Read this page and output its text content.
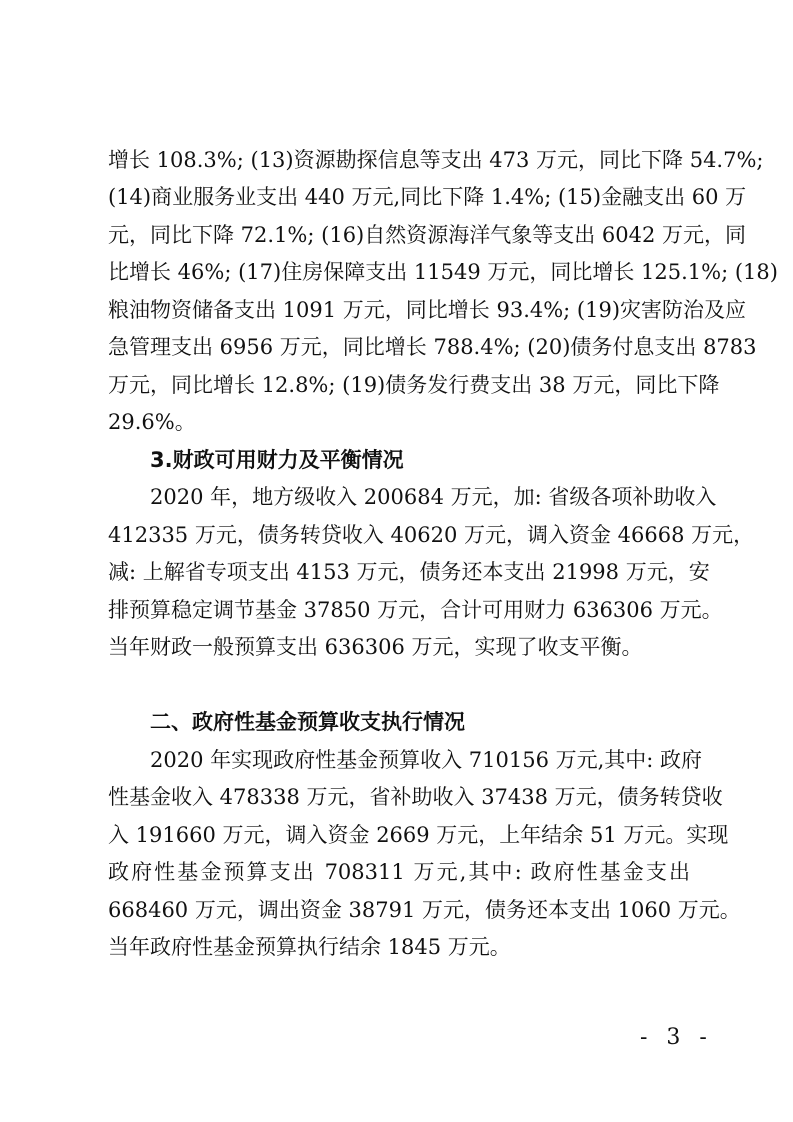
增长 108.3%; (13)资源勘探信息等支出 473 万元，同比下降 54.7%;
(14)商业服务业支出 440 万元,同比下降 1.4%; (15)金融支出 60 万
元，同比下降 72.1%; (16)自然资源海洋气象等支出 6042 万元，同
比增长 46%; (17)住房保障支出 11549 万元，同比增长 125.1%; (18)
粮油物资储备支出 1091 万元，同比增长 93.4%; (19)灾害防治及应
急管理支出 6956 万元，同比增长 788.4%; (20)债务付息支出 8783
万元，同比增长 12.8%; (19)债务发行费支出 38 万元，同比下降
29.6%。
3.财政可用财力及平衡情况
2020 年，地方级收入 200684 万元，加: 省级各项补助收入
412335 万元，债务转贷收入 40620 万元，调入资金 46668 万元，
减: 上解省专项支出 4153 万元，债务还本支出 21998 万元，安
排预算稳定调节基金 37850 万元，合计可用财力 636306 万元。
当年财政一般预算支出 636306 万元，实现了收支平衡。
二、政府性基金预算收支执行情况
2020 年实现政府性基金预算收入 710156 万元,其中: 政府
性基金收入 478338 万元，省补助收入 37438 万元，债务转贷收
入 191660 万元，调入资金 2669 万元，上年结余 51 万元。实现
政府性基金预算支出 708311 万元,其中: 政府性基金支出
668460 万元，调出资金 38791 万元，债务还本支出 1060 万元。
当年政府性基金预算执行结余 1845 万元。
- 3 -
